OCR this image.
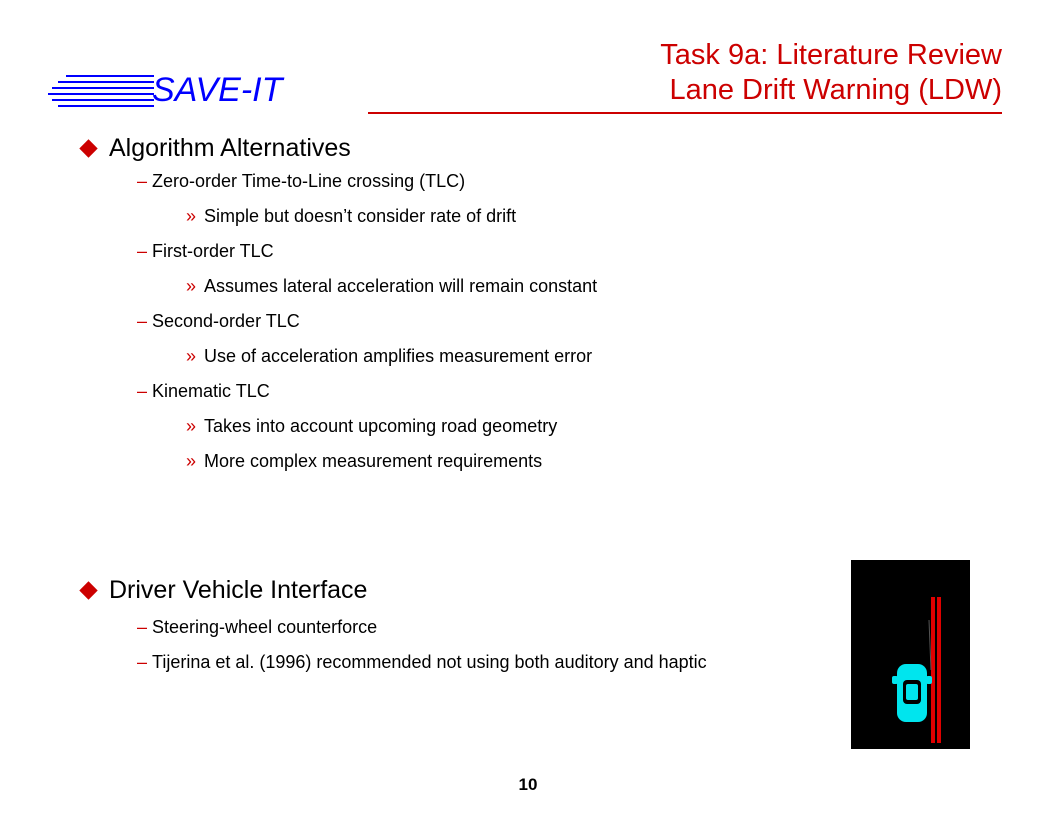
SAVE-IT
Task 9a: Literature Review
Lane Drift Warning (LDW)
Algorithm Alternatives
– Zero-order Time-to-Line crossing (TLC)
» Simple but doesn’t consider rate of drift
– First-order TLC
» Assumes lateral acceleration will remain constant
– Second-order TLC
» Use of acceleration amplifies measurement error
– Kinematic TLC
» Takes into account upcoming road geometry
» More complex measurement requirements
Driver Vehicle Interface
– Steering-wheel counterforce
– Tijerina et al. (1996) recommended not using both auditory and haptic
10
